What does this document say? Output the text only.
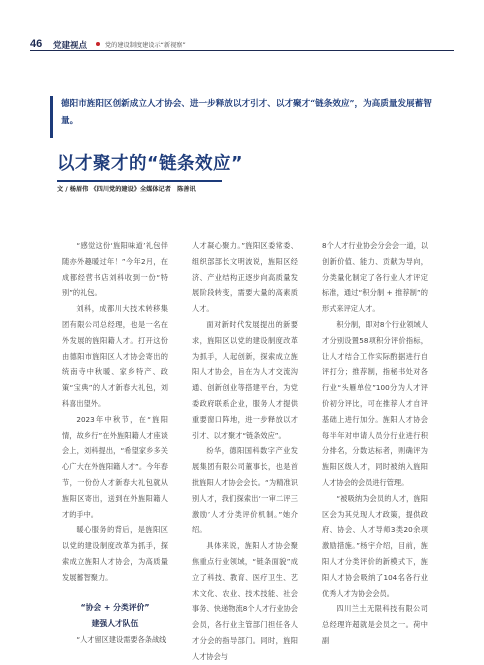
46 党建视点	党的建设制度建设示“新视察”
德阳市旌阳区创新成立人才协会、进一步释放以才引才、以才聚才“链条效应”，为高质量发展蓄智量。
以才聚才的“链条效应”
文 / 杨眉伟 《四川党的建设》全媒体记者　陈善讯

“感觉这份‘旌阳味道’礼包伴随亦外趣暖过年！”今年2月，在成都经营书店刘科收到一份“特别”的礼包。

刘科，成都川大技术转移集团有限公司总经理，也是一名在外发展的旌阳籍人才。打开这份由德阳市旌阳区人才协会寄出的统南寺中秋暖、家乡特产、政策“宝典”的人才新春大礼包，刘科喜出望外。

2023年中秋节，在“旌阳情，故乡行”在外旌阳籍人才座谈会上，刘科提出，“希望家乡多关心广大在外旌阳籍人才”。今年春节，一份份人才新春大礼包就从旌阳区寄出，送到在外旌阳籍人才的手中。

暖心服务的背后，是旌阳区以党的建设制度改革为抓手，探索成立旌阳人才协会，为高质量发展蓄智聚力。

“协会 + 分类评价”
建强人才队伍

“人才留区建设需要各条战线

人才凝心聚力。”旌阳区委常委、组织部部长文明波说，旌阳区经济、产业结构正逐步向高质量发展阶段转变，需要大量的高素质人才。

面对新时代发展提出的新要求，旌阳区以党的建设制度改革为抓手，人起创新，探索成立旌阳人才协会，旨在为人才交流沟通、创新创业等搭建平台，为党委政府联系企业，服务人才提供重要窗口阵地，进一步释放以才引才、以才聚才“链条效应”。

纷华，德阳国科数字产业发展集团有限公司董事长，也是首批旌阳人才协会会长。“为精准识别人才，我们探索出‘一审二评三激励’人才分类评价机制。”她介绍。

具体来说，旌阳人才协会聚焦重点行业领域，“链条面貌”成立了科技、教育、医疗卫生、艺术文化、农业、技术技能、社会事务、快递物流8个人才行业协会会员，各行业主管部门担任各人才分会的指导部门。同时，旌阳人才协会与

8个人才行业协会分会会一道，以创新价值、能力、贡献为导向，分类量化制定了各行业人才评定标准，通过“积分制 + 推荐制”的形式来评定人才。

积分制，即对8个行业领域人才分别设置58项积分评价指标，让人才结合工作实际酌据进行自评打分；推荐制，指秘书处对各行业“头雁单位”100分为人才评价初分评比，可在推荐人才自评基础上进行加分。旌阳人才协会每半年对申请人员分行业进行积分排名，分数达标者，则确评为旌阳区级人才，同时被纳入旌阳人才协会的会员进行管理。

“被吸纳为会员的人才，旌阳区会为其兑现人才政策，提供政府、协会、人才导师3类20余项激励措施。”杨宇介绍，目前，旌阳人才分类评价的新模式下，旌阳人才协会吸纳了104名各行业优秀人才为协会会员。

四川兰土无限科技有限公司总经理许超就是会员之一。荷中副
